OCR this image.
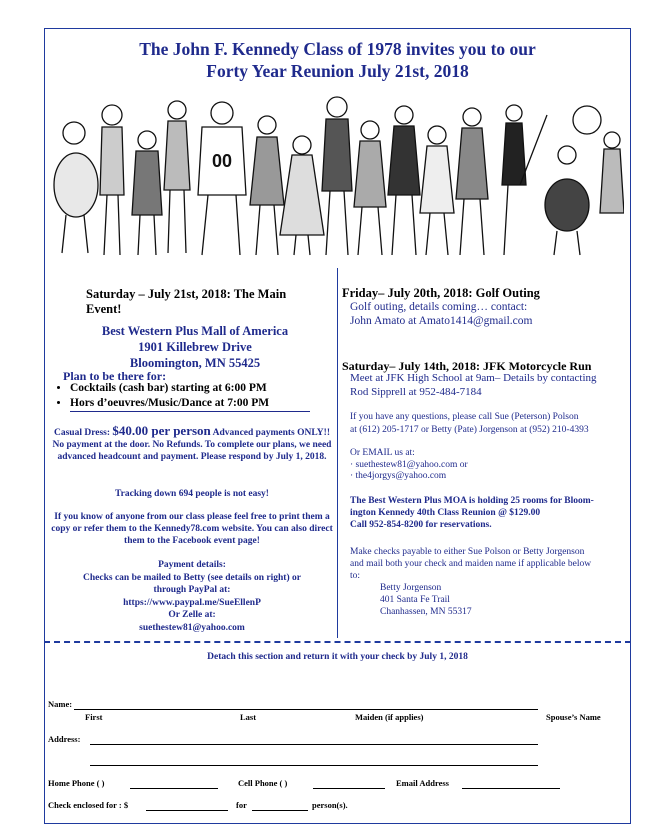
The John F. Kennedy Class of 1978 invites you to our
Forty Year Reunion July 21st, 2018
00
Saturday – July 21st, 2018: The Main Event!
Best Western Plus Mall of America
1901 Killebrew Drive
Bloomington, MN 55425
Plan to be there for:
• Cocktails (cash bar) starting at 6:00 PM
• Hors d’oeuvres/Music/Dance at 7:00 PM
Casual Dress: $40.00 per person Advanced payments ONLY!! No payment at the door. No Refunds. To complete our plans, we need advanced headcount and payment. Please respond by July 1, 2018.
Tracking down 694 people is not easy!
If you know of anyone from our class please feel free to print them a copy or refer them to the Kennedy78.com website. You can also direct them to the Facebook event page!
Payment details:
Checks can be mailed to Betty (see details on right) or
through PayPal at:
https://www.paypal.me/SueEllenP
Or Zelle at:
suethestew81@yahoo.com
Friday– July 20th, 2018: Golf Outing
Golf outing, details coming… contact:
John Amato at Amato1414@gmail.com
Saturday– July 14th, 2018: JFK Motorcycle Run
Meet at JFK High School at 9am– Details by contacting
Rod Sipprell at 952-484-7184
If you have any questions, please call Sue (Peterson) Polson
at (612) 205-1717 or Betty (Pate) Jorgenson at (952) 210-4393
Or EMAIL us at:
· suethestew81@yahoo.com or
· the4jorgys@yahoo.com
The Best Western Plus MOA is holding 25 rooms for Bloom-
ington Kennedy 40th Class Reunion @ $129.00
Call 952-854-8200 for reservations.
Make checks payable to either Sue Polson or Betty Jorgenson
and mail both your check and maiden name if applicable below
to:
Betty Jorgenson
401 Santa Fe Trail
Chanhassen, MN 55317
Detach this section and return it with your check by July 1, 2018
Name:
First	Last	Maiden (if applies)	Spouse’s Name
Address:
Home Phone ( )	Cell Phone ( )	Email Address
Check enclosed for : $	for	person(s).
